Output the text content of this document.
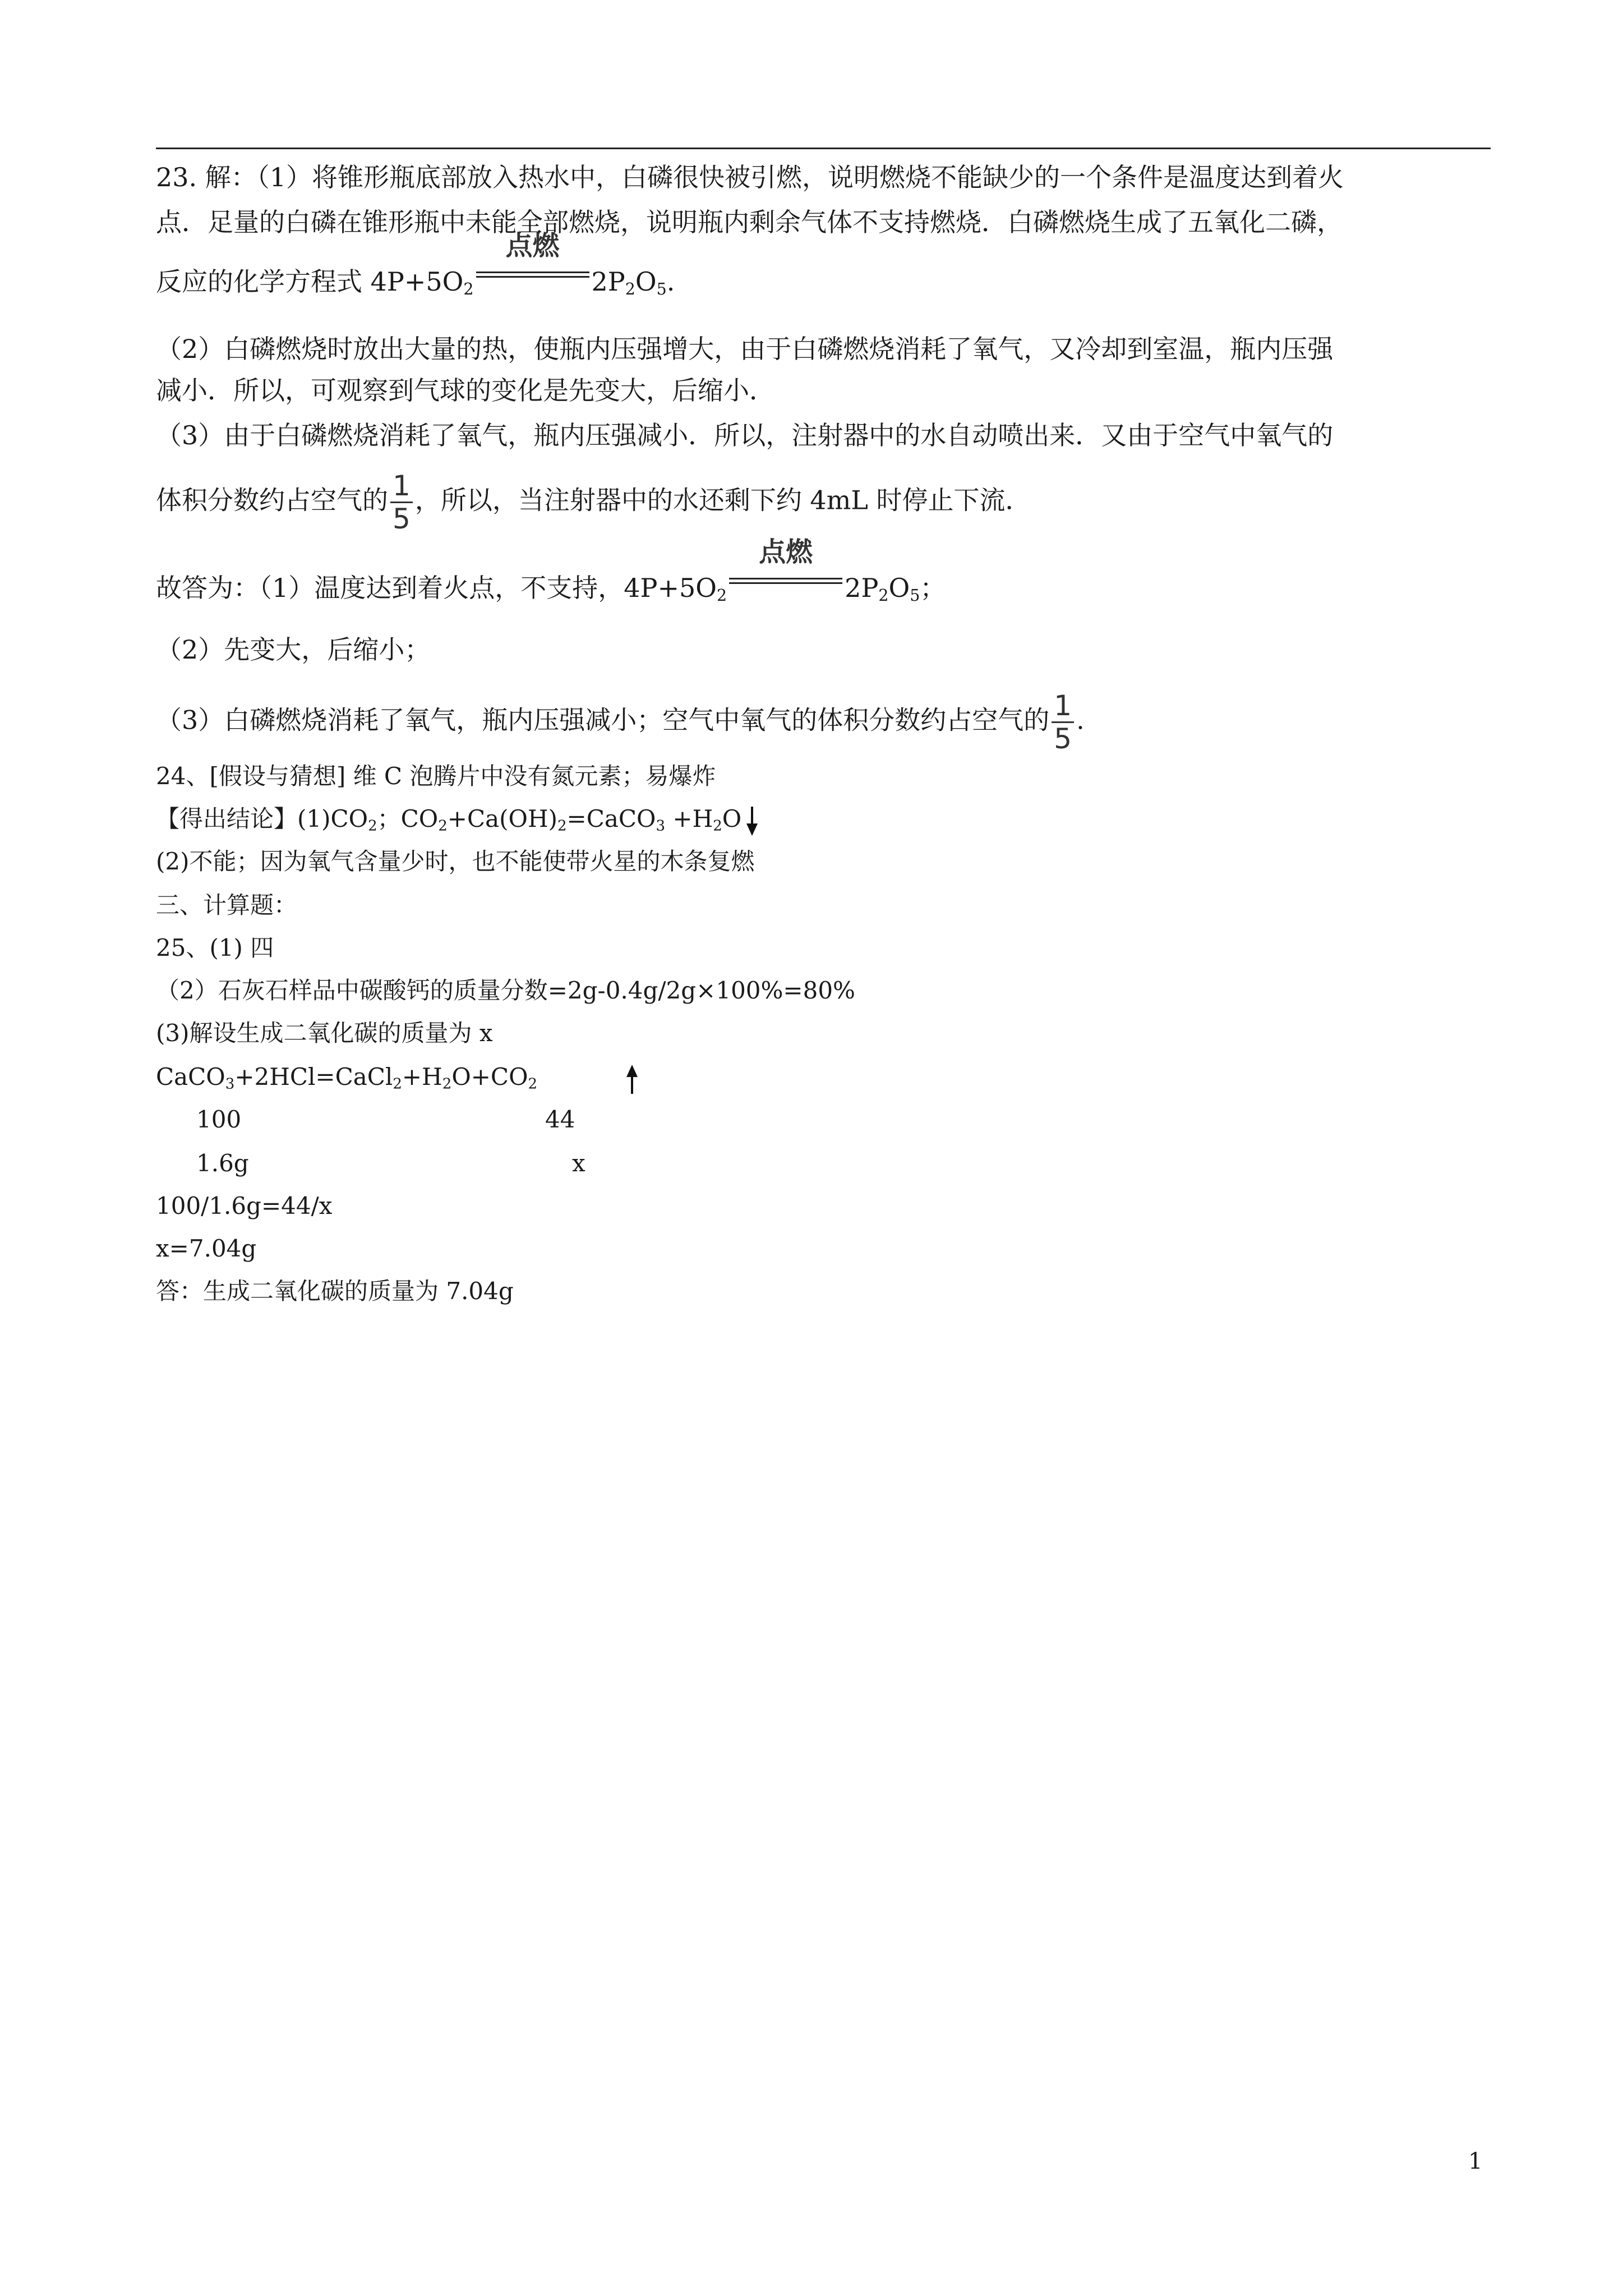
23. 解：（1）将锥形瓶底部放入热水中，白磷很快被引燃，说明燃烧不能缺少的一个条件是温度达到着火
点．足量的白磷在锥形瓶中未能全部燃烧，说明瓶内剩余气体不支持燃烧．白磷燃烧生成了五氧化二磷，
反应的化学方程式 $4P+5O_2$
点燃
$2P_2O_5$.
（2）白磷燃烧时放出大量的热，使瓶内压强增大，由于白磷燃烧消耗了氧气，又冷却到室温，瓶内压强
减小．所以，可观察到气球的变化是先变大，后缩小．
（3）由于白磷燃烧消耗了氧气，瓶内压强减小．所以，注射器中的水自动喷出来．又由于空气中氧气的
体积分数约占空气的 $\frac{1}{5}$ ，所以，当注射器中的水还剩下约 4mL 时停止下流．
故答为：（1）温度达到着火点，不支持，$4P+5O_2$
点燃
$2P_2O_5$；
（2）先变大，后缩小；
（3）白磷燃烧消耗了氧气，瓶内压强减小；空气中氧气的体积分数约占空气的 $\frac{1}{5}$ .
24、[假设与猜想] 维 C 泡腾片中没有氮元素；易爆炸
【得出结论】$(1)CO_2$；$CO_2+Ca(OH)_2=CaCO_3 +H_2O$
(2)不能；因为氧气含量少时，也不能使带火星的木条复燃
三、计算题：
25、(1) 四
（2）石灰石样品中碳酸钙的质量分数=2g-0.4g/2g×100%=80%
(3)解设生成二氧化碳的质量为 x
$CaCO_3+2HCl=CaCl_2+H_2O+CO_2$
100	44
1.6g	x
100/1.6g=44/x
x=7.04g
答：生成二氧化碳的质量为 7.04g
1
